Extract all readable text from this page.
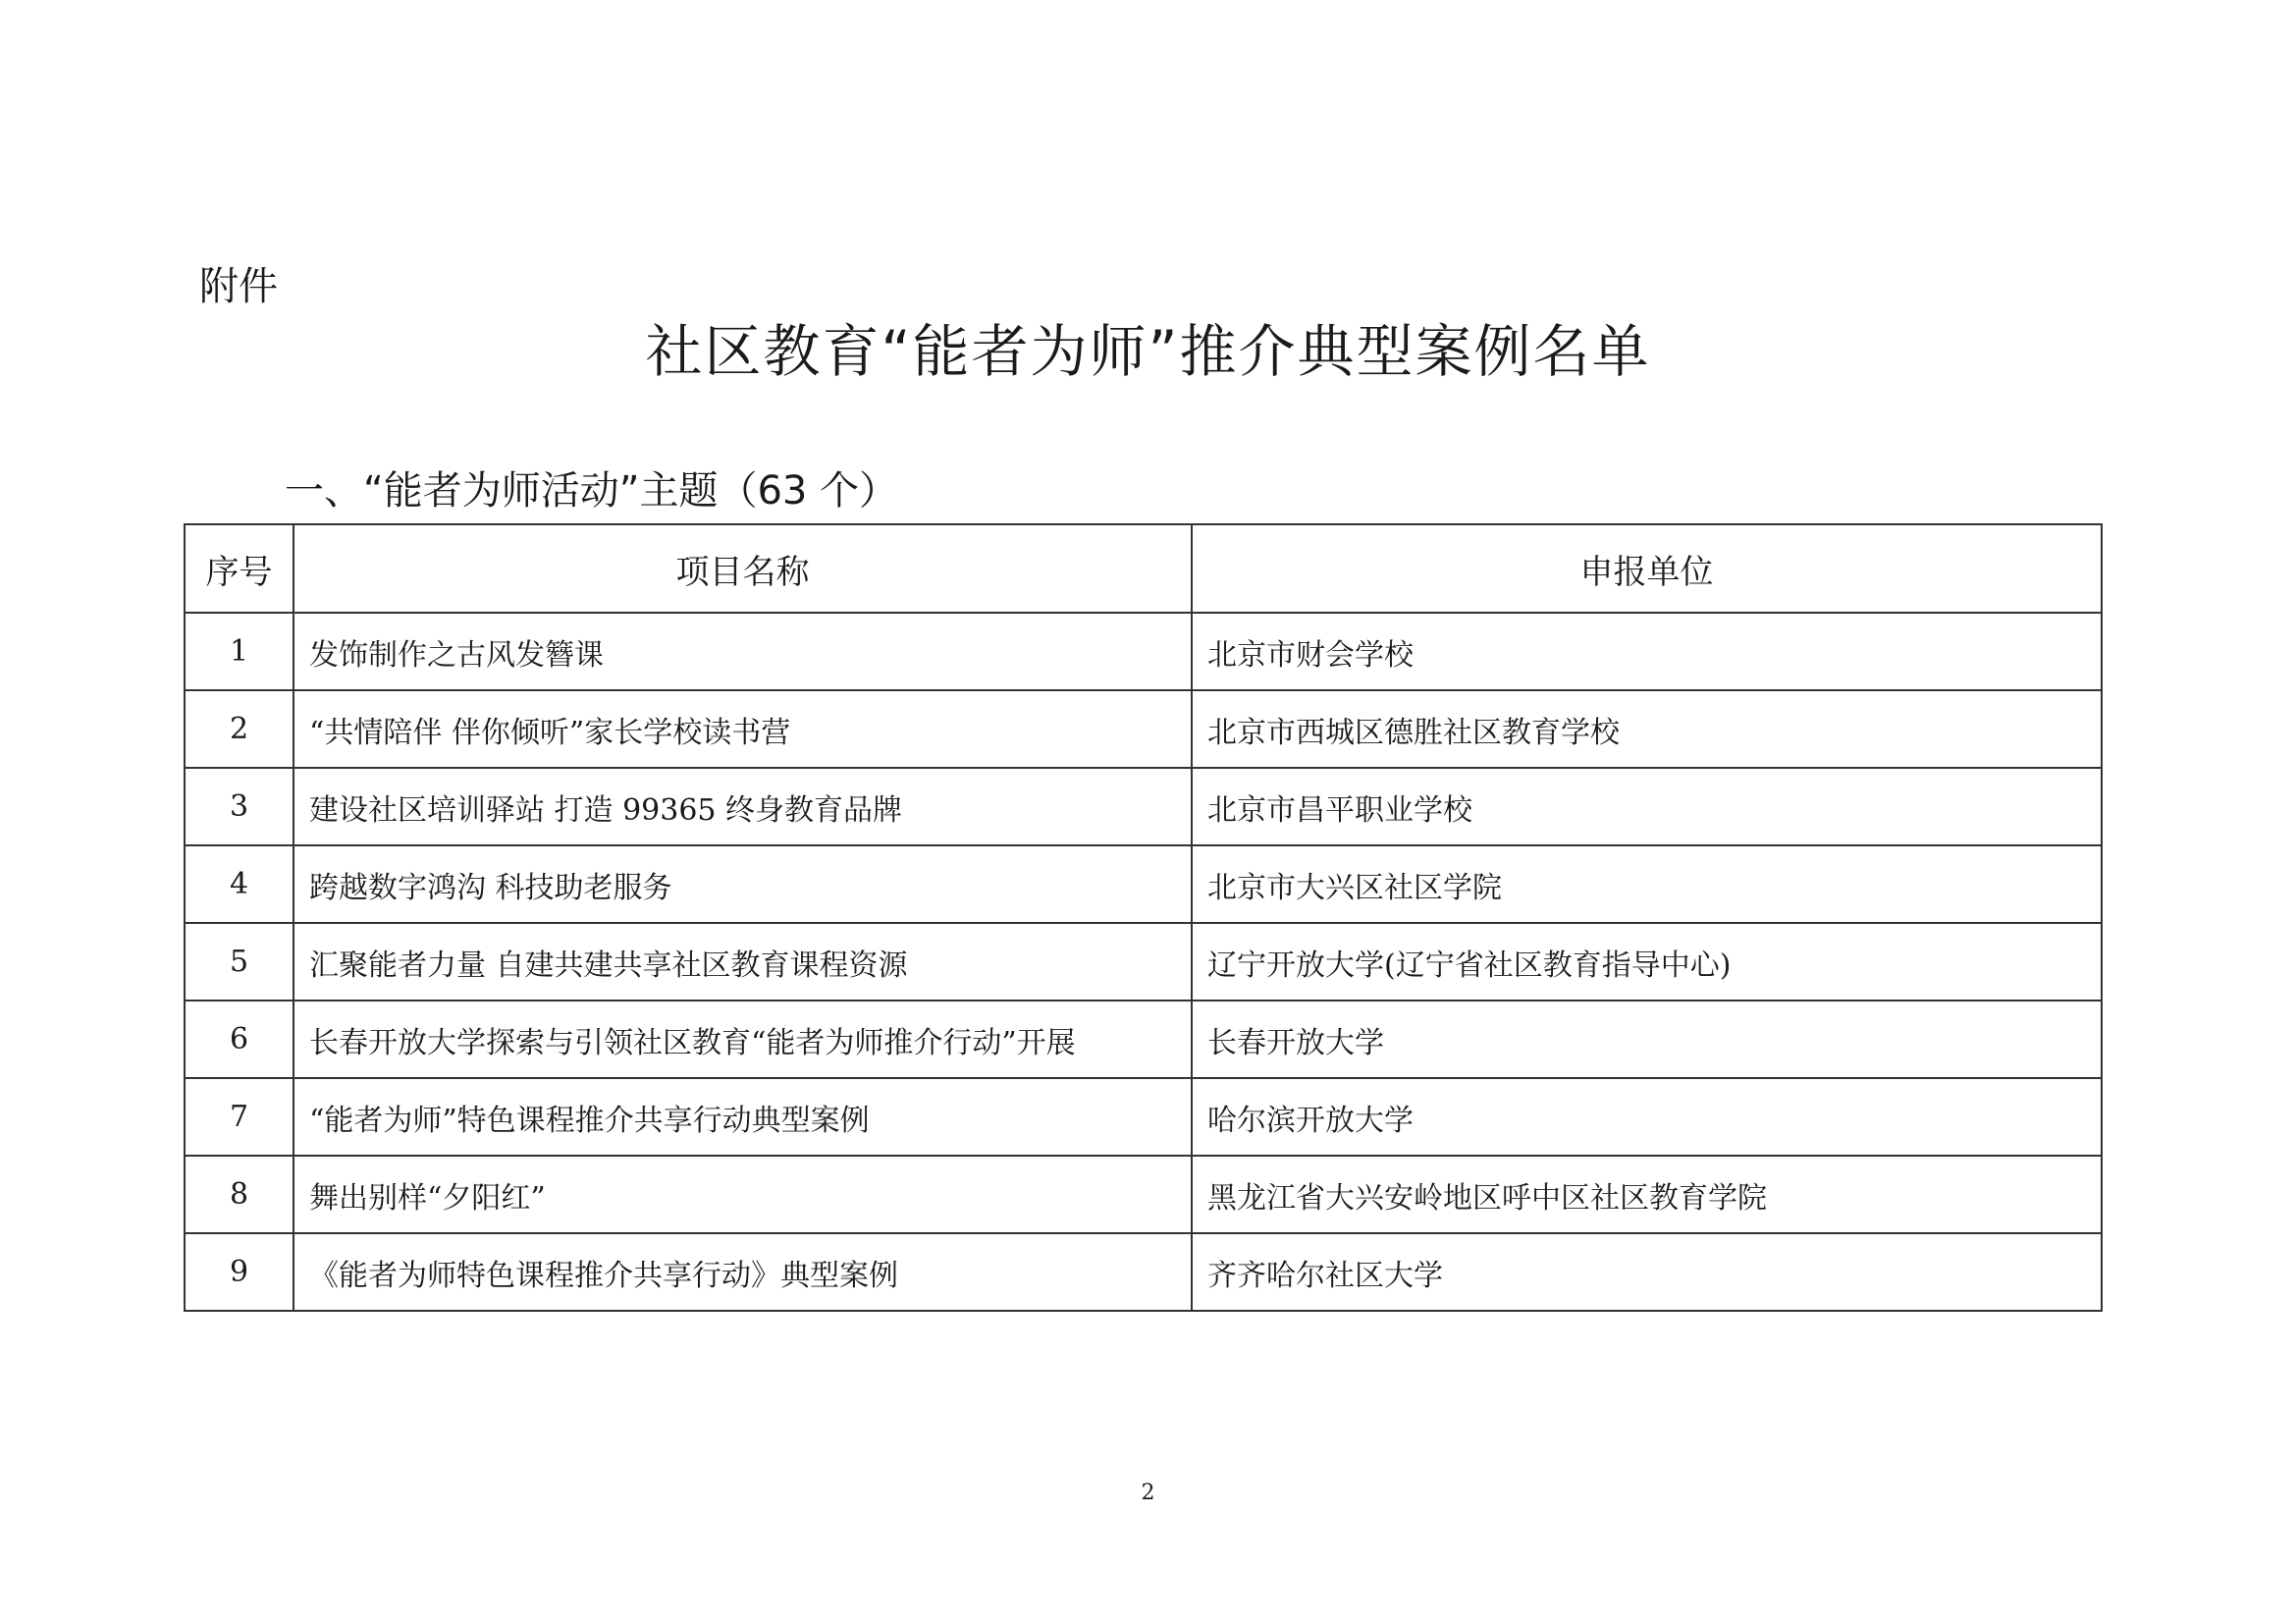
附件
社区教育“能者为师”推介典型案例名单
一、“能者为师活动”主题（63 个）
序号	项目名称	申报单位
1	发饰制作之古风发簪课	北京市财会学校
2	“共情陪伴 伴你倾听”家长学校读书营	北京市西城区德胜社区教育学校
3	建设社区培训驿站 打造 99365 终身教育品牌	北京市昌平职业学校
4	跨越数字鸿沟 科技助老服务	北京市大兴区社区学院
5	汇聚能者力量 自建共建共享社区教育课程资源	辽宁开放大学(辽宁省社区教育指导中心)
6	长春开放大学探索与引领社区教育“能者为师推介行动”开展	长春开放大学
7	“能者为师”特色课程推介共享行动典型案例	哈尔滨开放大学
8	舞出别样“夕阳红”	黑龙江省大兴安岭地区呼中区社区教育学院
9	《能者为师特色课程推介共享行动》典型案例	齐齐哈尔社区大学
2
